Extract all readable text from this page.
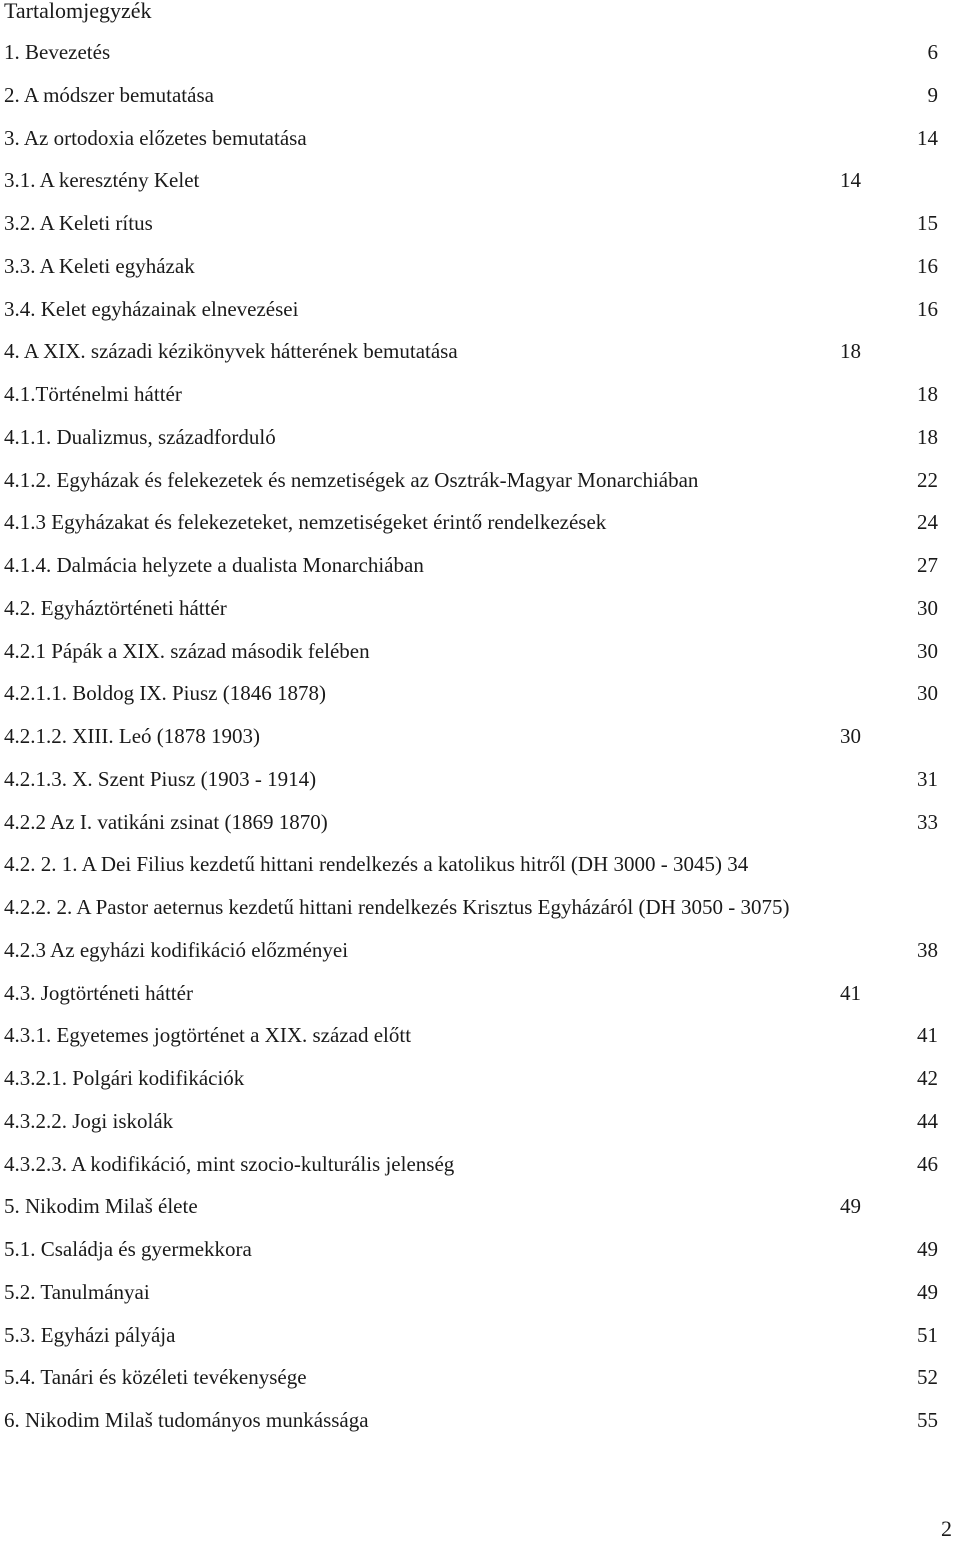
Tartalomjegyzék
1. Bevezetés	6
2. A módszer bemutatása	9
3. Az ortodoxia előzetes bemutatása	14
3.1. A keresztény Kelet	14
3.2. A Keleti rítus	15
3.3. A Keleti egyházak	16
3.4. Kelet egyházainak elnevezései	16
4. A XIX. századi kézikönyvek hátterének bemutatása	18
4.1.Történelmi háttér	18
4.1.1. Dualizmus, századforduló	18
4.1.2. Egyházak és felekezetek és nemzetiségek az Osztrák-Magyar Monarchiában	22
4.1.3 Egyházakat és felekezeteket, nemzetiségeket érintő rendelkezések	24
4.1.4. Dalmácia helyzete a dualista Monarchiában	27
4.2. Egyháztörténeti háttér	30
4.2.1 Pápák a XIX. század második felében	30
4.2.1.1. Boldog IX. Piusz (1846 1878)	30
4.2.1.2. XIII. Leó (1878 1903)	30
4.2.1.3. X. Szent Piusz (1903 - 1914)	31
4.2.2 Az I. vatikáni zsinat (1869 1870)	33
4.2. 2. 1. A Dei Filius kezdetű hittani rendelkezés a katolikus hitről (DH 3000 - 3045) 34
4.2.2. 2. A Pastor aeternus kezdetű hittani rendelkezés Krisztus Egyházáról (DH 3050 - 3075)
4.2.3 Az egyházi kodifikáció előzményei	38
4.3. Jogtörténeti háttér	41
4.3.1. Egyetemes jogtörténet a XIX. század előtt	41
4.3.2.1. Polgári kodifikációk	42
4.3.2.2. Jogi iskolák	44
4.3.2.3. A kodifikáció, mint szocio-kulturális jelenség	46
5. Nikodim Milaš élete	49
5.1. Családja és gyermekkora	49
5.2. Tanulmányai	49
5.3. Egyházi pályája	51
5.4. Tanári és közéleti tevékenysége	52
6. Nikodim Milaš tudományos munkássága	55
2
